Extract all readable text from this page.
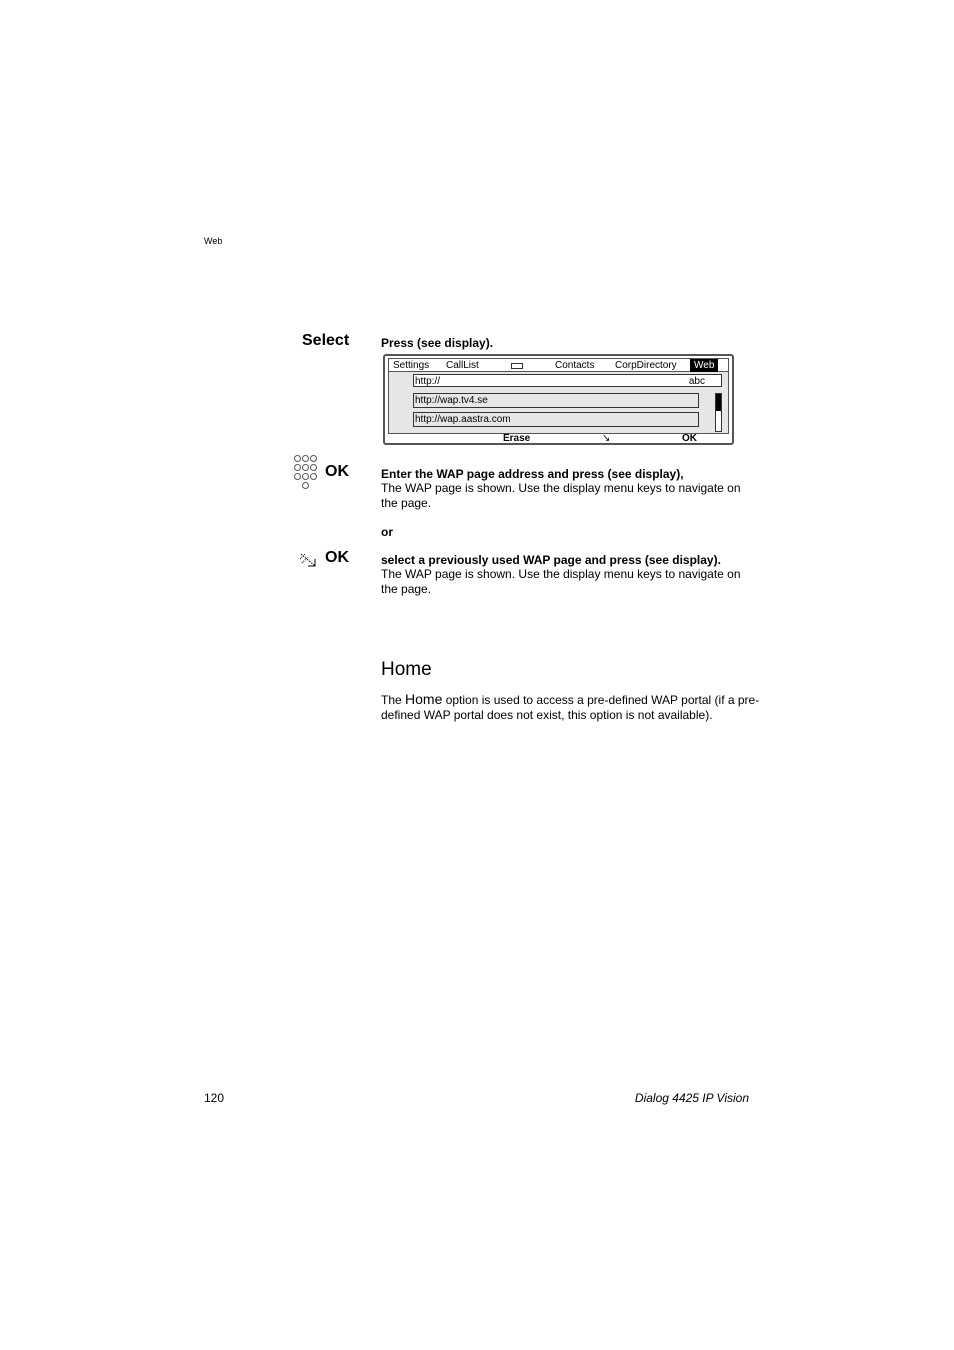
Web
Select	Press (see display).
Settings CallList	Contacts CorpDirectory	Web
http://	abc
http://wap.tv4.se
http://wap.aastra.com
Erase	↘	OK
OK	Enter the WAP page address and press (see display),
The WAP page is shown. Use the display menu keys to navigate on the page.
or
OK	select a previously used WAP page and press (see display).
The WAP page is shown. Use the display menu keys to navigate on the page.
Home
The Home option is used to access a pre-defined WAP portal (if a pre-defined WAP portal does not exist, this option is not available).
120	Dialog 4425 IP Vision
